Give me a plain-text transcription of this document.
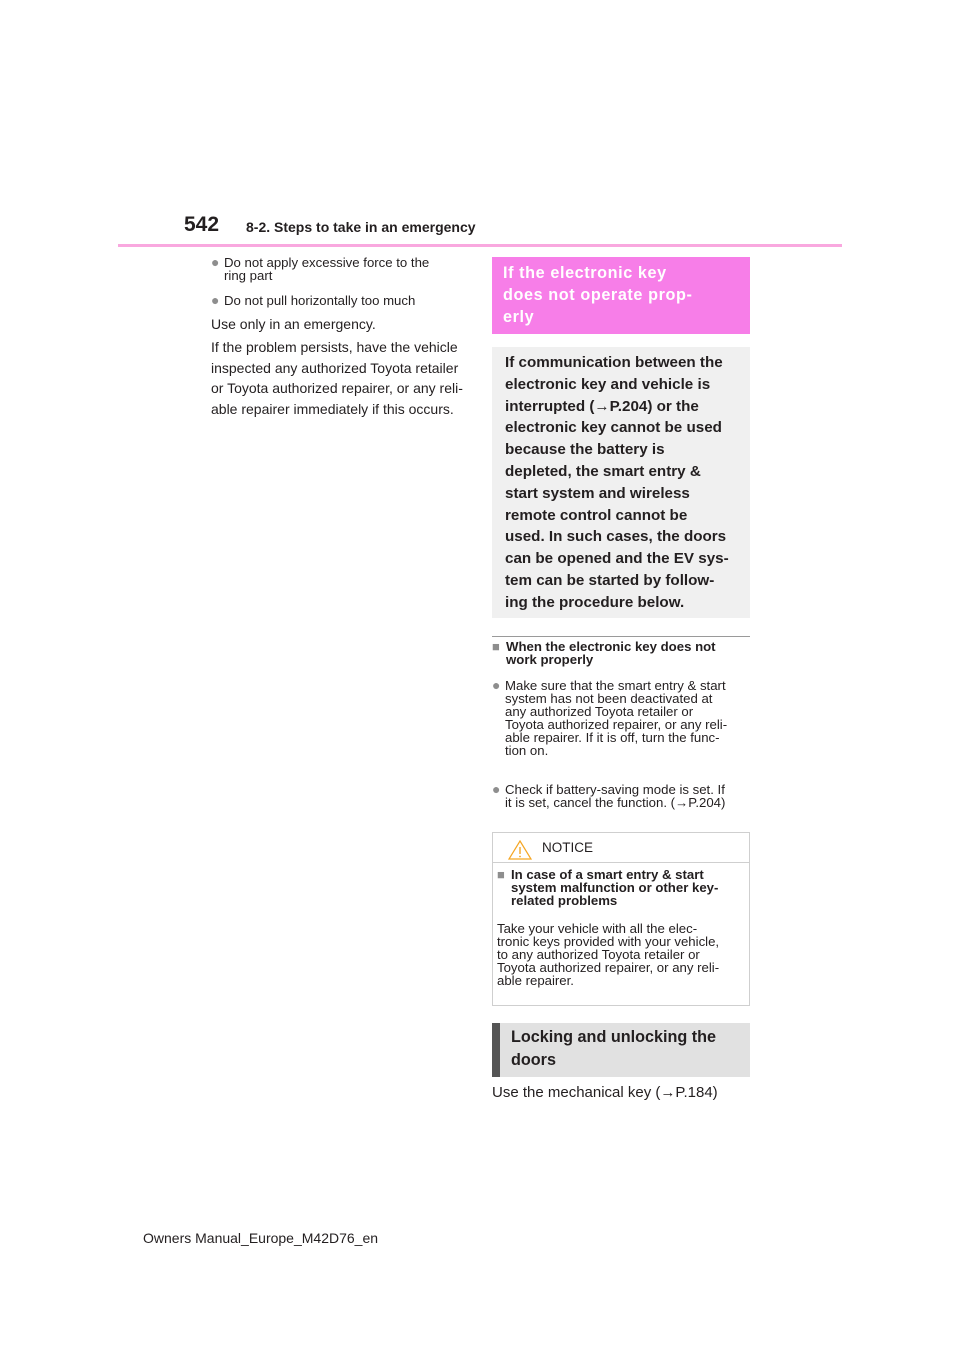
542 8-2. Steps to take in an emergency
● Do not apply excessive force to the
ring part
● Do not pull horizontally too much
Use only in an emergency.
If the problem persists, have the vehicle
inspected any authorized Toyota retailer
or Toyota authorized repairer, or any reli-
able repairer immediately if this occurs.
If the electronic key
does not operate prop-
erly
If communication between the
electronic key and vehicle is
interrupted (→P.204) or the
electronic key cannot be used
because the battery is
depleted, the smart entry &
start system and wireless
remote control cannot be
used. In such cases, the doors
can be opened and the EV sys-
tem can be started by follow-
ing the procedure below.
■ When the electronic key does not
work properly
● Make sure that the smart entry & start
system has not been deactivated at
any authorized Toyota retailer or
Toyota authorized repairer, or any reli-
able repairer. If it is off, turn the func-
tion on.
● Check if battery-saving mode is set. If
it is set, cancel the function. (→P.204)
NOTICE
■ In case of a smart entry & start
system malfunction or other key-
related problems
Take your vehicle with all the elec-
tronic keys provided with your vehicle,
to any authorized Toyota retailer or
Toyota authorized repairer, or any reli-
able repairer.
Locking and unlocking the
doors
Use the mechanical key (→P.184)
Owners Manual_Europe_M42D76_en
